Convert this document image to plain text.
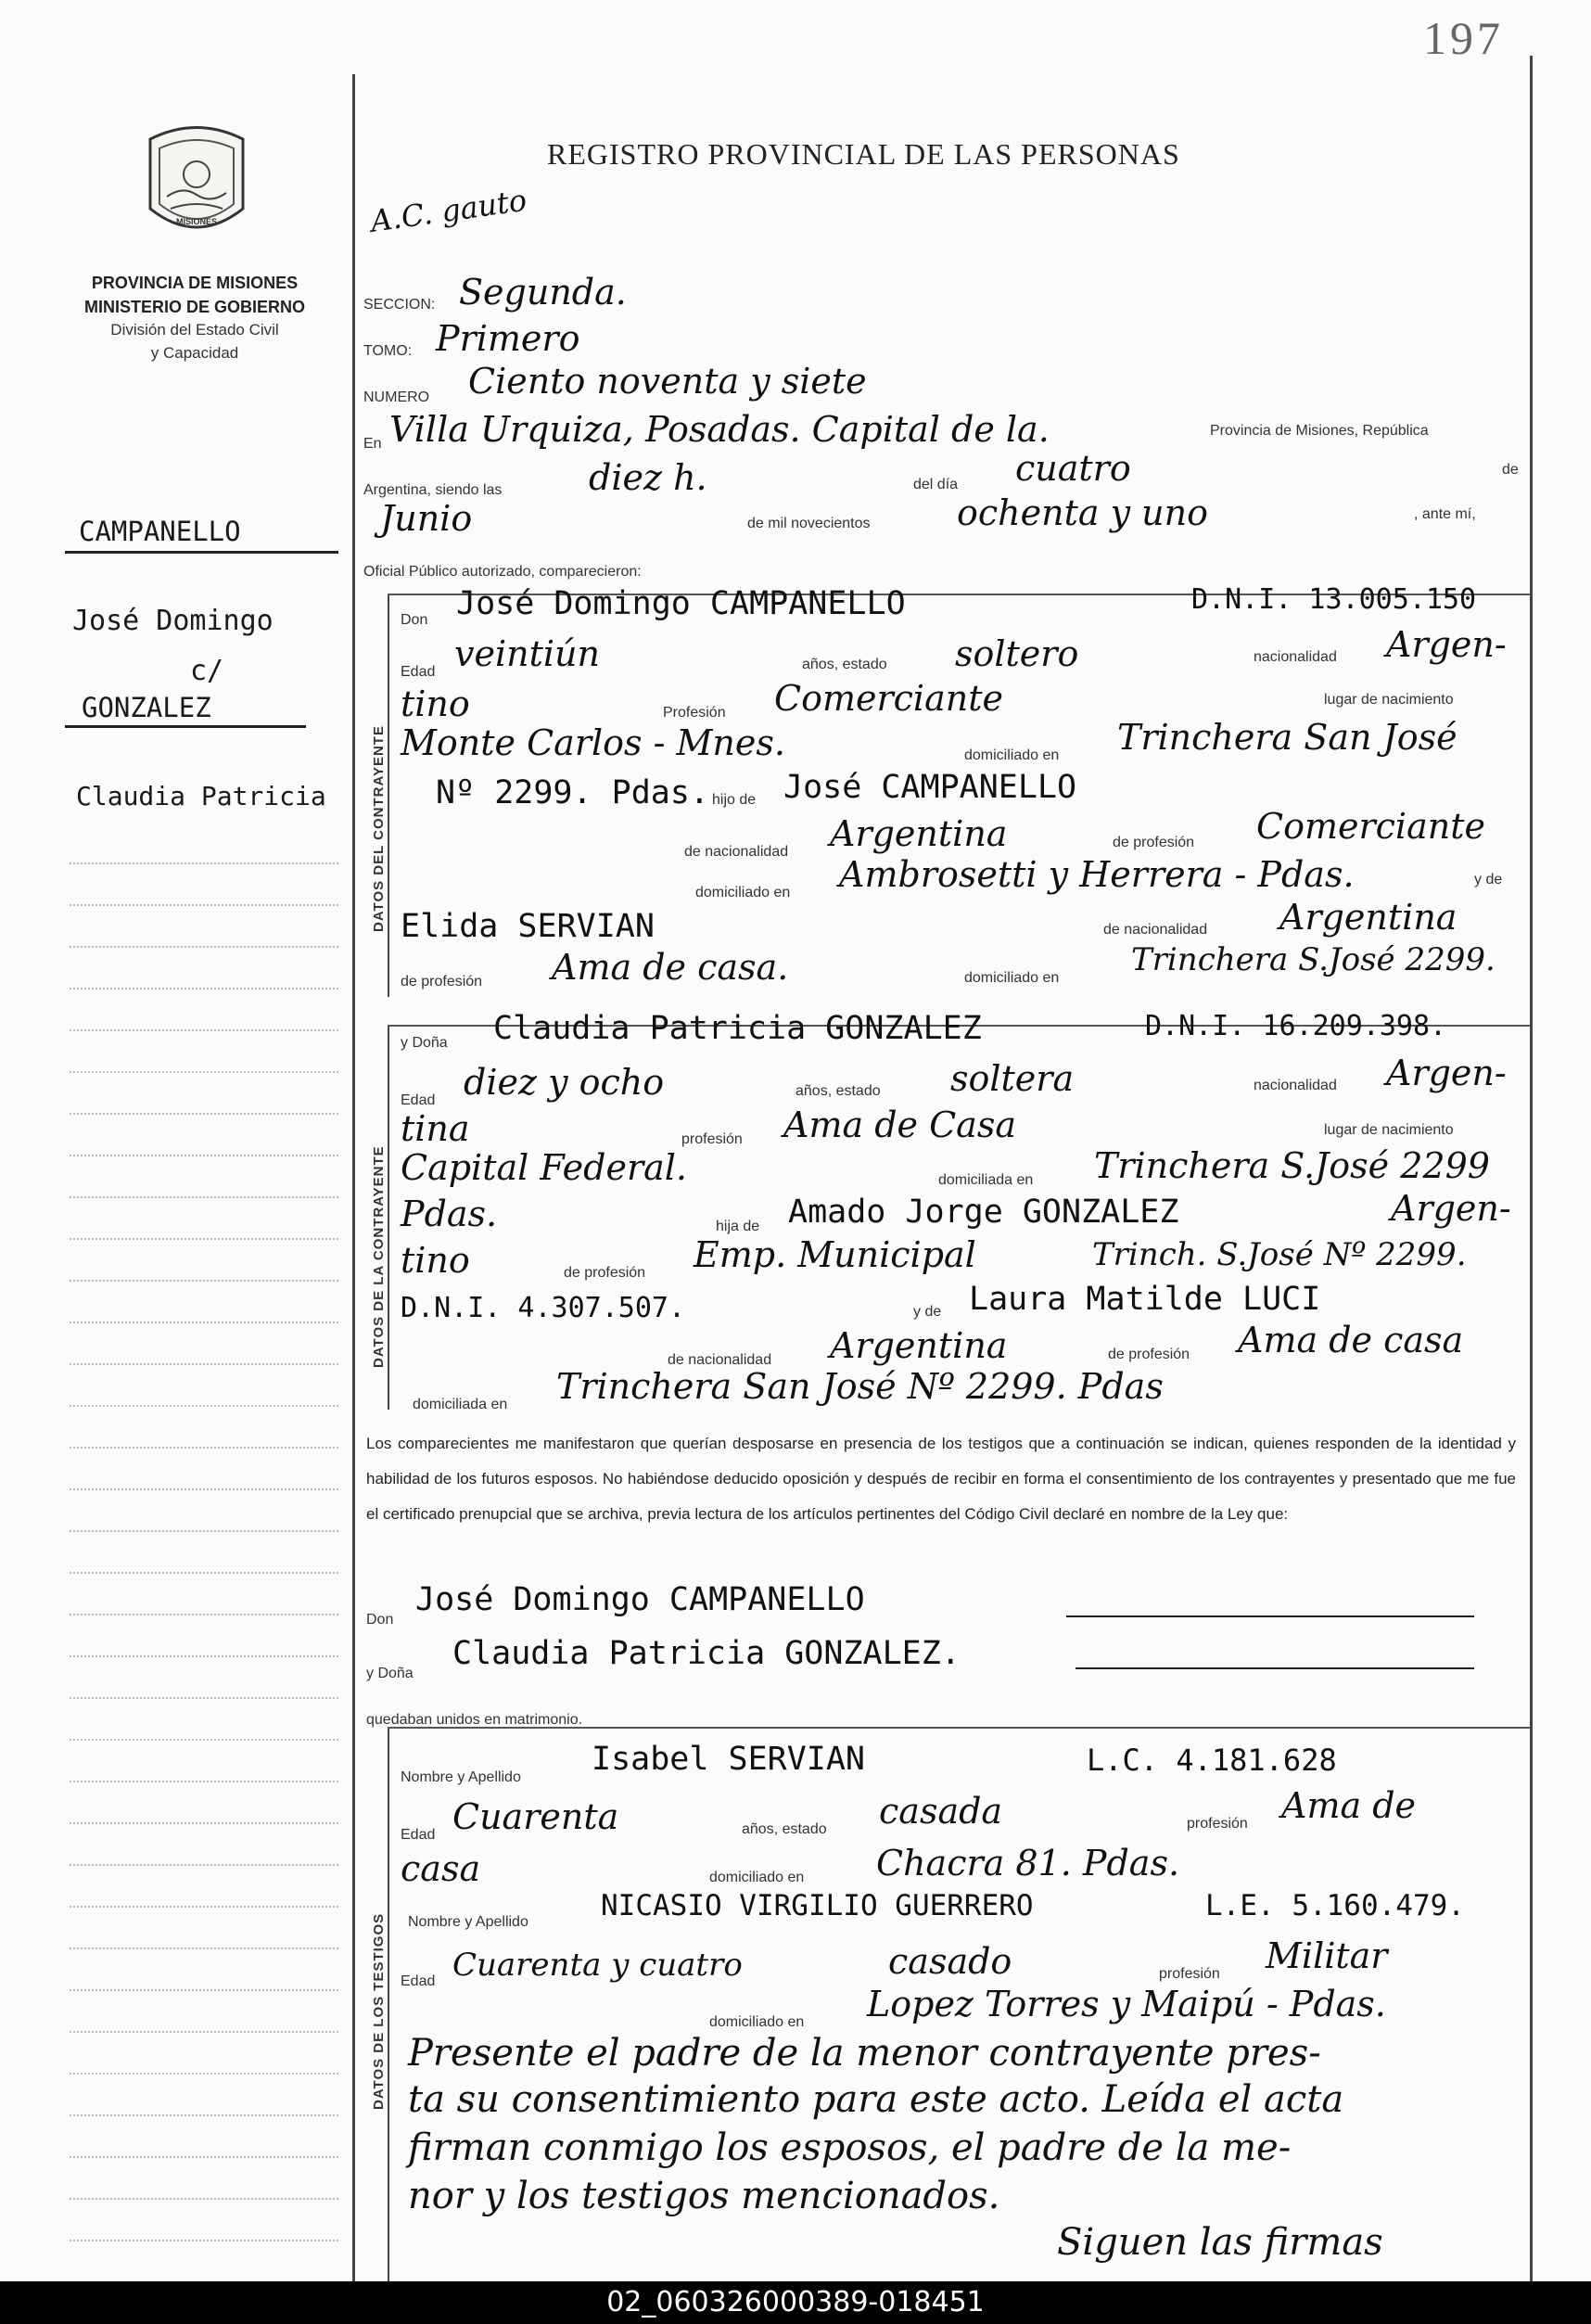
197
MISIONES
PROVINCIA DE MISIONES
MINISTERIO DE GOBIERNO
División del Estado Civil
y Capacidad
CAMPANELLO
José Domingo
c/
GONZALEZ
Claudia Patricia
REGISTRO PROVINCIAL DE LAS PERSONAS
A.C. gauto
SECCION: Segunda.
TOMO: Primero
NUMERO Ciento noventa y siete
En Villa Urquiza, Posadas. Capital de la.	Provincia de Misiones, República
Argentina, siendo las diez h.	del día cuatro	de
Junio	de mil novecientos ochenta y uno	, ante mí,
Oficial Público autorizado, comparecieron:
DATOS DEL CONTRAYENTE
DATOS DE LA CONTRAYENTE
DATOS DE LOS TESTIGOS
Don José Domingo CAMPANELLO	D.N.I. 13.005.150
Edad veintiún	años, estado soltero	nacionalidad Argen-
tino	Profesión Comerciante	lugar de nacimiento
Monte Carlos - Mnes.	domiciliado en Trinchera San José
Nº 2299. Pdas. hijo de José CAMPANELLO
de nacionalidad Argentina	de profesión Comerciante
domiciliado en Ambrosetti y Herrera - Pdas.	y de
Elida SERVIAN	de nacionalidad Argentina
de profesión Ama de casa.	domiciliado en Trinchera S.José 2299.
y Doña Claudia Patricia GONZALEZ	D.N.I. 16.209.398.
Edad diez y ocho	años, estado soltera	nacionalidad Argen-
tina	profesión Ama de Casa	lugar de nacimiento
Capital Federal.	domiciliada en Trinchera S.José 2299
Pdas.	hija de Amado Jorge GONZALEZ	Argen-
tino	de profesión Emp. Municipal	Trinch. S.José Nº 2299.
D.N.I. 4.307.507.	y de Laura Matilde LUCI
de nacionalidad Argentina	de profesión Ama de casa
domiciliada en Trinchera San José Nº 2299. Pdas
Los comparecientes me manifestaron que querían desposarse en presencia de los testigos que a continuación se indican, quienes responden de la identidad y habilidad de los futuros esposos. No habiéndose deducido oposición y después de recibir en forma el consentimiento de los contrayentes y presentado que me fue el certificado prenupcial que se archiva, previa lectura de los artículos pertinentes del Código Civil declaré en nombre de la Ley que:
Don
José Domingo CAMPANELLO
y Doña
Claudia Patricia GONZALEZ.
quedaban unidos en matrimonio.
Nombre y Apellido Isabel SERVIAN	L.C. 4.181.628
Edad Cuarenta	años, estado casada	profesión Ama de
casa	domiciliado en Chacra 81. Pdas.
Nombre y Apellido	NICASIO VIRGILIO GUERRERO	L.E. 5.160.479.
Edad Cuarenta y cuatro	casado	profesión Militar
domiciliado en Lopez Torres y Maipú - Pdas.
Presente el padre de la menor contrayente pres-
ta su consentimiento para este acto. Leída el acta
firman conmigo los esposos, el padre de la me-
nor y los testigos mencionados.
Siguen las firmas
02_060326000389-018451
